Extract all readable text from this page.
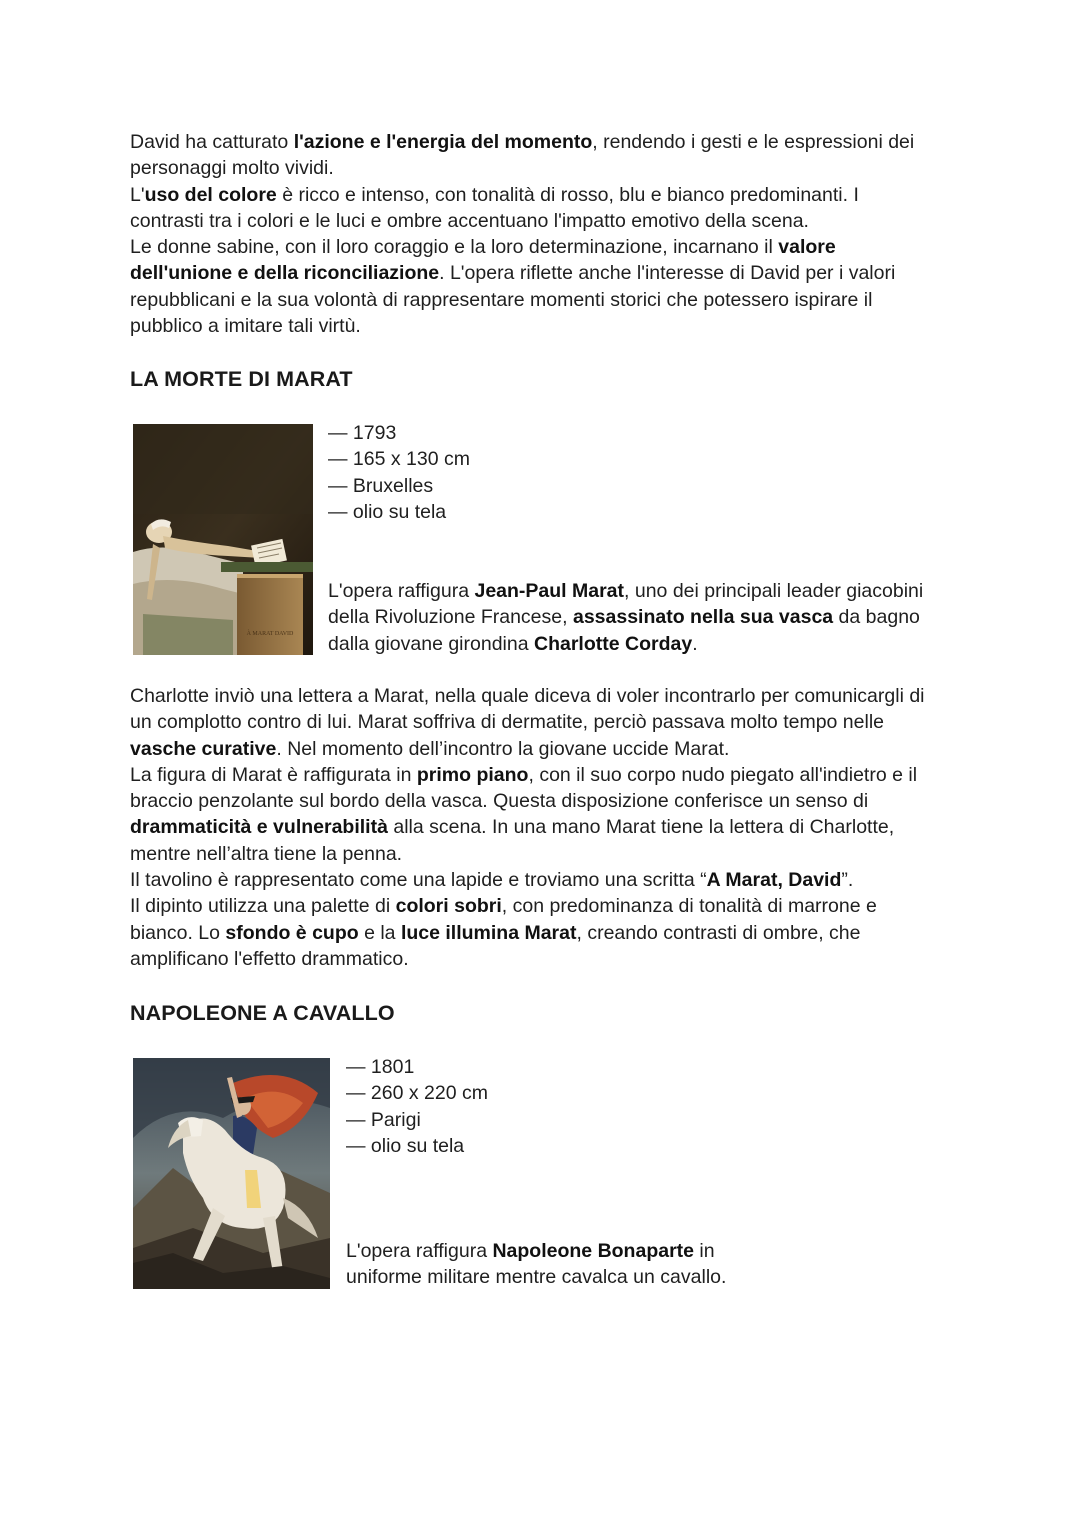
David ha catturato l'azione e l'energia del momento, rendendo i gesti e le espressioni dei
personaggi molto vividi.
L'uso del colore è ricco e intenso, con tonalità di rosso, blu e bianco predominanti. I
contrasti tra i colori e le luci e ombre accentuano l'impatto emotivo della scena.
Le donne sabine, con il loro coraggio e la loro determinazione, incarnano il valore
dell'unione e della riconciliazione. L'opera riflette anche l'interesse di David per i valori
repubblicani e la sua volontà di rappresentare momenti storici che potessero ispirare il
pubblico a imitare tali virtù.
LA MORTE DI MARAT
À MARAT DAVID
— 1793
— 165 x 130 cm
— Bruxelles
— olio su tela
L'opera raffigura Jean-Paul Marat, uno dei principali leader giacobini
della Rivoluzione Francese, assassinato nella sua vasca da bagno
dalla giovane girondina Charlotte Corday.
Charlotte inviò una lettera a Marat, nella quale diceva di voler incontrarlo per comunicargli di
un complotto contro di lui. Marat soffriva di dermatite, perciò passava molto tempo nelle
vasche curative. Nel momento dell’incontro la giovane uccide Marat.
La figura di Marat è raffigurata in primo piano, con il suo corpo nudo piegato all'indietro e il
braccio penzolante sul bordo della vasca. Questa disposizione conferisce un senso di
drammaticità e vulnerabilità alla scena. In una mano Marat tiene la lettera di Charlotte,
mentre nell’altra tiene la penna.
Il tavolino è rappresentato come una lapide e troviamo una scritta “A Marat, David”.
Il dipinto utilizza una palette di colori sobri, con predominanza di tonalità di marrone e
bianco. Lo sfondo è cupo e la luce illumina Marat, creando contrasti di ombre, che
amplificano l'effetto drammatico.
NAPOLEONE A CAVALLO
— 1801
— 260 x 220 cm
— Parigi
— olio su tela
L'opera raffigura Napoleone Bonaparte in
uniforme militare mentre cavalca un cavallo.
